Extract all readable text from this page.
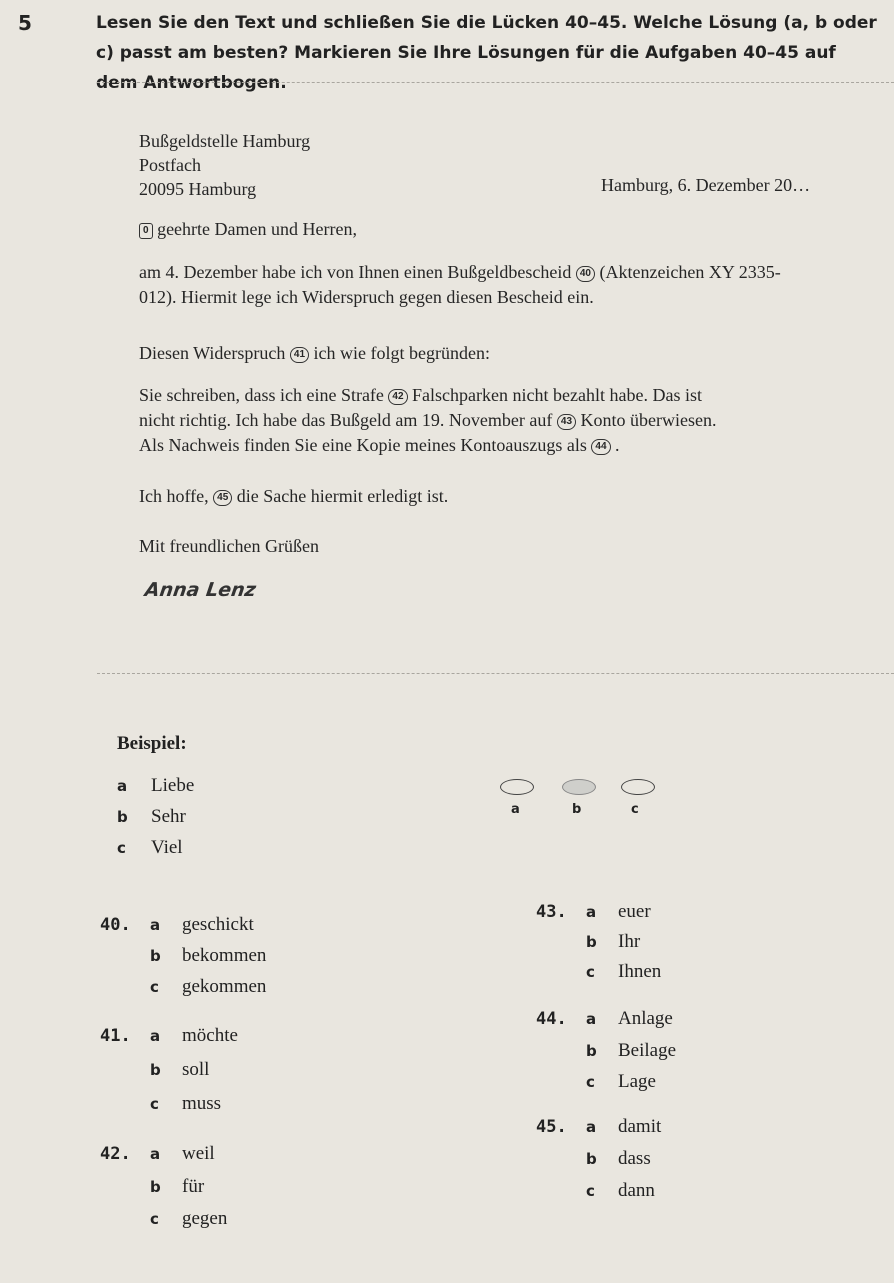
5	Lesen Sie den Text und schließen Sie die Lücken 40–45. Welche Lösung (a, b oder c) passt am besten? Markieren Sie Ihre Lösungen für die Aufgaben 40–45 auf dem Antwortbogen.
Bußgeldstelle Hamburg
Postfach
20095 Hamburg	Hamburg, 6. Dezember 20…
0 geehrte Damen und Herren,
am 4. Dezember habe ich von Ihnen einen Bußgeldbescheid 40 (Aktenzeichen XY 2335-
012). Hiermit lege ich Widerspruch gegen diesen Bescheid ein.
Diesen Widerspruch 41 ich wie folgt begründen:
Sie schreiben, dass ich eine Strafe 42 Falschparken nicht bezahlt habe. Das ist
nicht richtig. Ich habe das Bußgeld am 19. November auf 43 Konto überwiesen.
Als Nachweis finden Sie eine Kopie meines Kontoauszugs als 44 .
Ich hoffe, 45 die Sache hiermit erledigt ist.
Mit freundlichen Grüßen
Anna Lenz
Beispiel:
a Liebe
b Sehr
c Viel
a	b	c
40. a geschickt
b bekommen
c gekommen
41. a möchte
b soll
c muss
42. a weil
b für
c gegen
43. a euer
b Ihr
c Ihnen
44. a Anlage
b Beilage
c Lage
45. a damit
b dass
c dann
